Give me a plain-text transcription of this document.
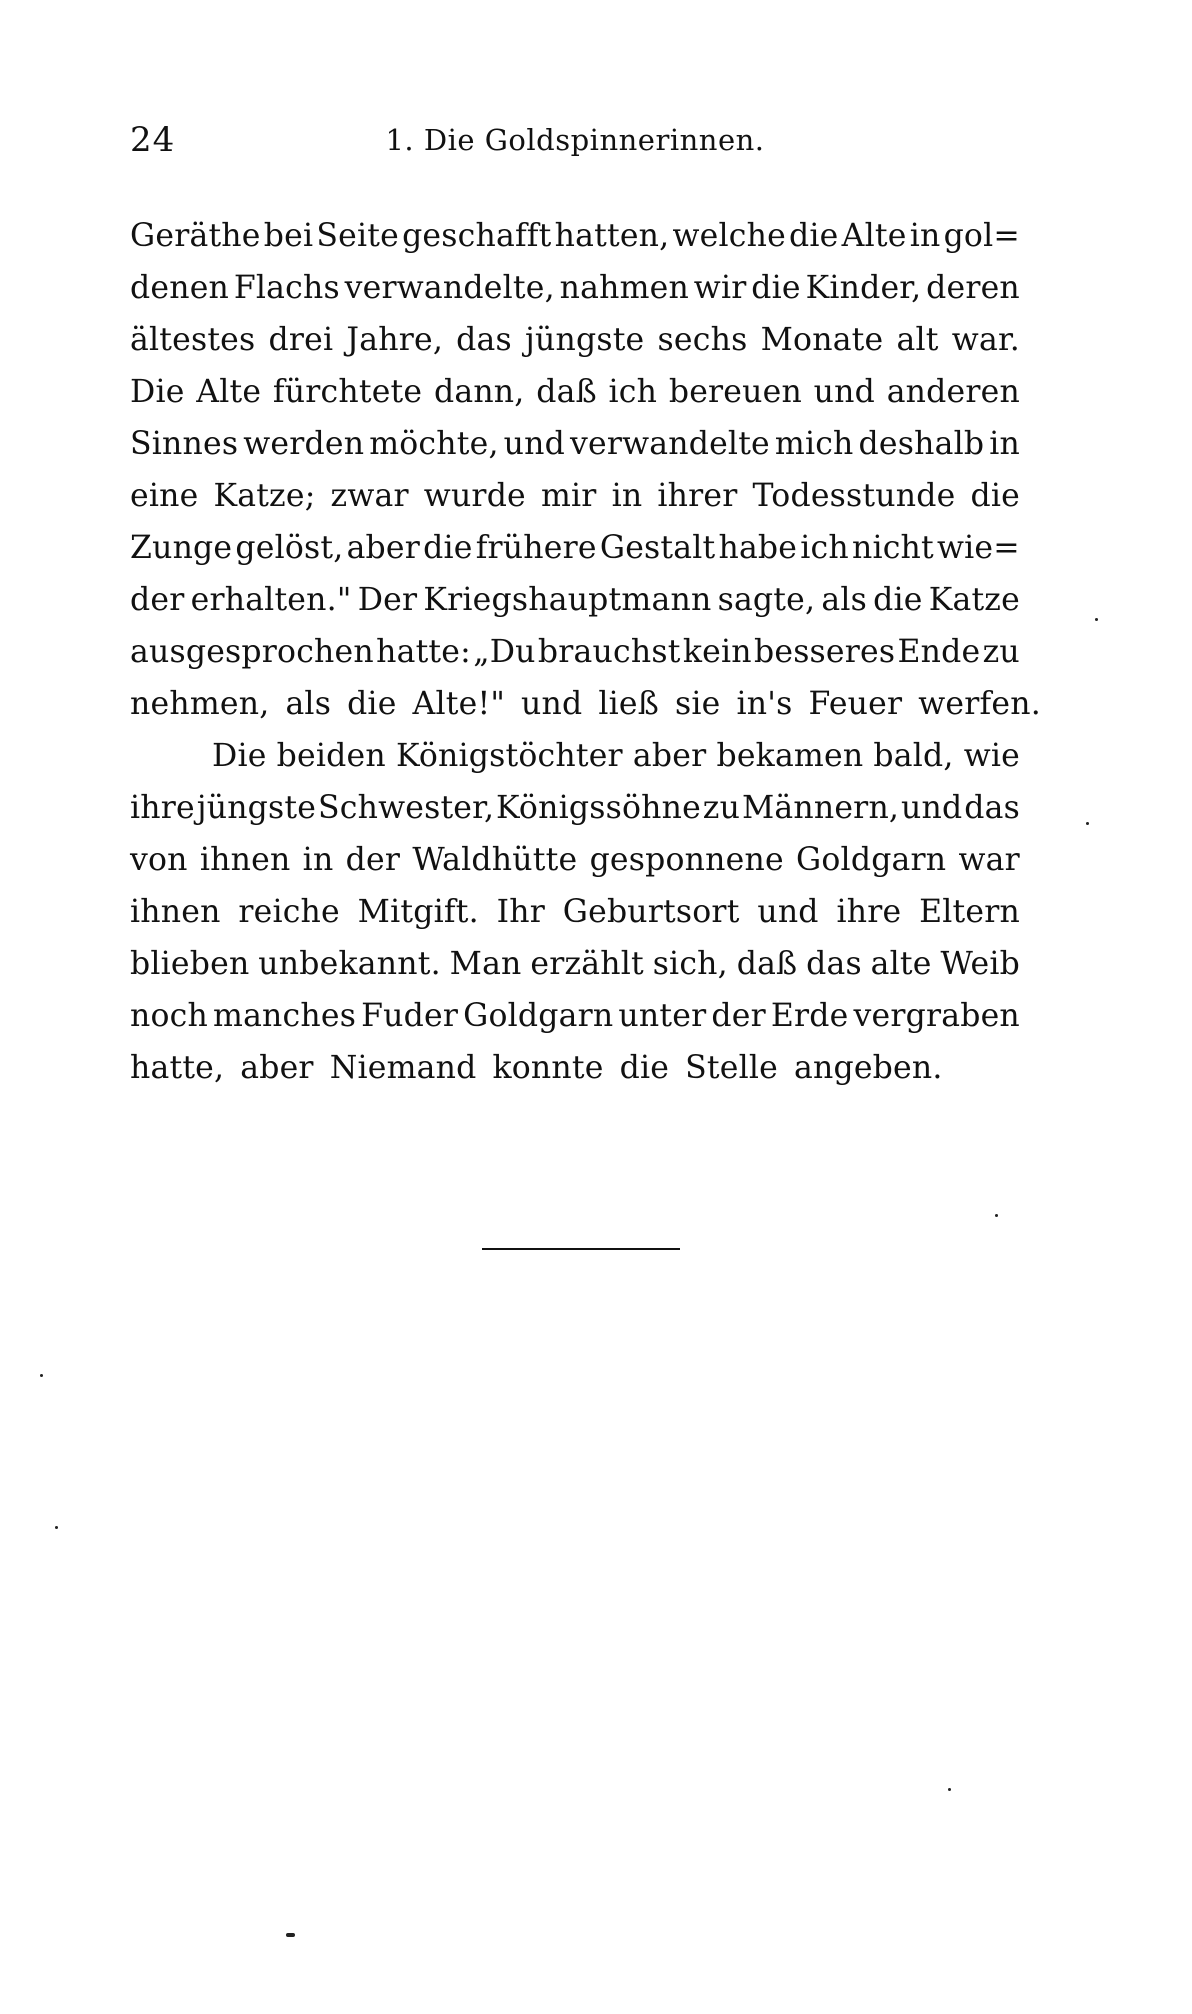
24	1. Die Goldspinnerinnen.
Geräthe bei Seite geschafft hatten, welche die Alte in gol=
denen Flachs verwandelte, nahmen wir die Kinder, deren
ältestes drei Jahre, das jüngste sechs Monate alt war.
Die Alte fürchtete dann, daß ich bereuen und anderen
Sinnes werden möchte, und verwandelte mich deshalb in
eine Katze; zwar wurde mir in ihrer Todesstunde die
Zunge gelöst, aber die frühere Gestalt habe ich nicht wie=
der erhalten." Der Kriegshauptmann sagte, als die Katze
ausgesprochen hatte: „Du brauchst kein besseres Ende zu
nehmen, als die Alte!" und ließ sie in's Feuer werfen.
Die beiden Königstöchter aber bekamen bald, wie
ihre jüngste Schwester, Königssöhne zu Männern, und das
von ihnen in der Waldhütte gesponnene Goldgarn war
ihnen reiche Mitgift. Ihr Geburtsort und ihre Eltern
blieben unbekannt. Man erzählt sich, daß das alte Weib
noch manches Fuder Goldgarn unter der Erde vergraben
hatte, aber Niemand konnte die Stelle angeben.
